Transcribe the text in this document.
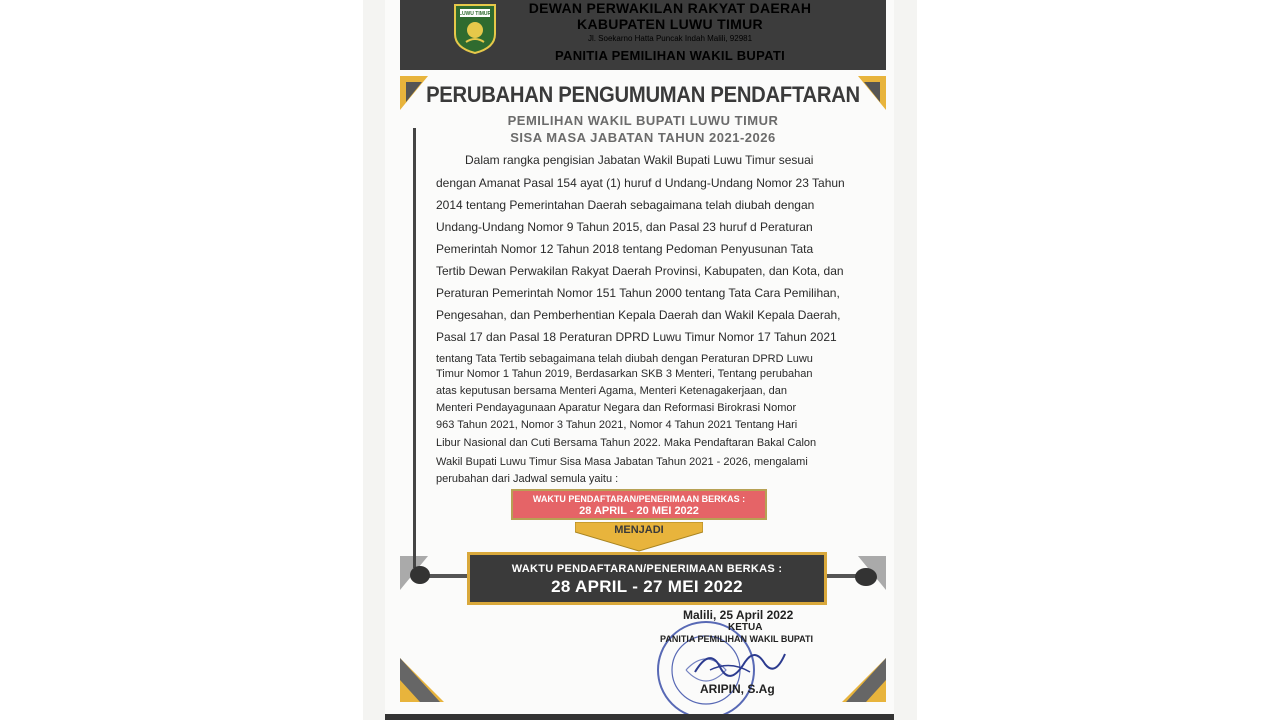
LUWU TIMUR	DEWAN PERWAKILAN RAKYAT DAERAH
KABUPATEN LUWU TIMUR
Jl. Soekarno Hatta Puncak Indah Malili, 92981
PANITIA PEMILIHAN WAKIL BUPATI
PERUBAHAN PENGUMUMAN PENDAFTARAN
PEMILIHAN WAKIL BUPATI LUWU TIMUR
SISA MASA JABATAN TAHUN 2021-2026
Dalam rangka pengisian Jabatan Wakil Bupati Luwu Timur sesuai
dengan Amanat Pasal 154 ayat (1) huruf d Undang-Undang Nomor 23 Tahun
2014 tentang Pemerintahan Daerah sebagaimana telah diubah dengan
Undang-Undang Nomor 9 Tahun 2015, dan Pasal 23 huruf d Peraturan
Pemerintah Nomor 12 Tahun 2018 tentang Pedoman Penyusunan Tata
Tertib Dewan Perwakilan Rakyat Daerah Provinsi, Kabupaten, dan Kota, dan
Peraturan Pemerintah Nomor 151 Tahun 2000 tentang Tata Cara Pemilihan,
Pengesahan, dan Pemberhentian Kepala Daerah dan Wakil Kepala Daerah,
Pasal 17 dan Pasal 18 Peraturan DPRD Luwu Timur Nomor 17 Tahun 2021
tentang Tata Tertib sebagaimana telah diubah dengan Peraturan DPRD Luwu
Timur Nomor 1 Tahun 2019, Berdasarkan SKB 3 Menteri, Tentang perubahan
atas keputusan bersama Menteri Agama, Menteri Ketenagakerjaan, dan
Menteri Pendayagunaan Aparatur Negara dan Reformasi Birokrasi Nomor
963 Tahun 2021, Nomor 3 Tahun 2021, Nomor 4 Tahun 2021 Tentang Hari
Libur Nasional dan Cuti Bersama Tahun 2022. Maka Pendaftaran Bakal Calon
Wakil Bupati Luwu Timur Sisa Masa Jabatan Tahun 2021 - 2026, mengalami
perubahan dari Jadwal semula yaitu :
WAKTU PENDAFTARAN/PENERIMAAN BERKAS :
28 APRIL - 20 MEI 2022
MENJADI
WAKTU PENDAFTARAN/PENERIMAAN BERKAS :
28 APRIL - 27 MEI 2022
Malili, 25 April 2022
KETUA
PANITIA PEMILIHAN WAKIL BUPATI
ARIPIN, S.Ag
